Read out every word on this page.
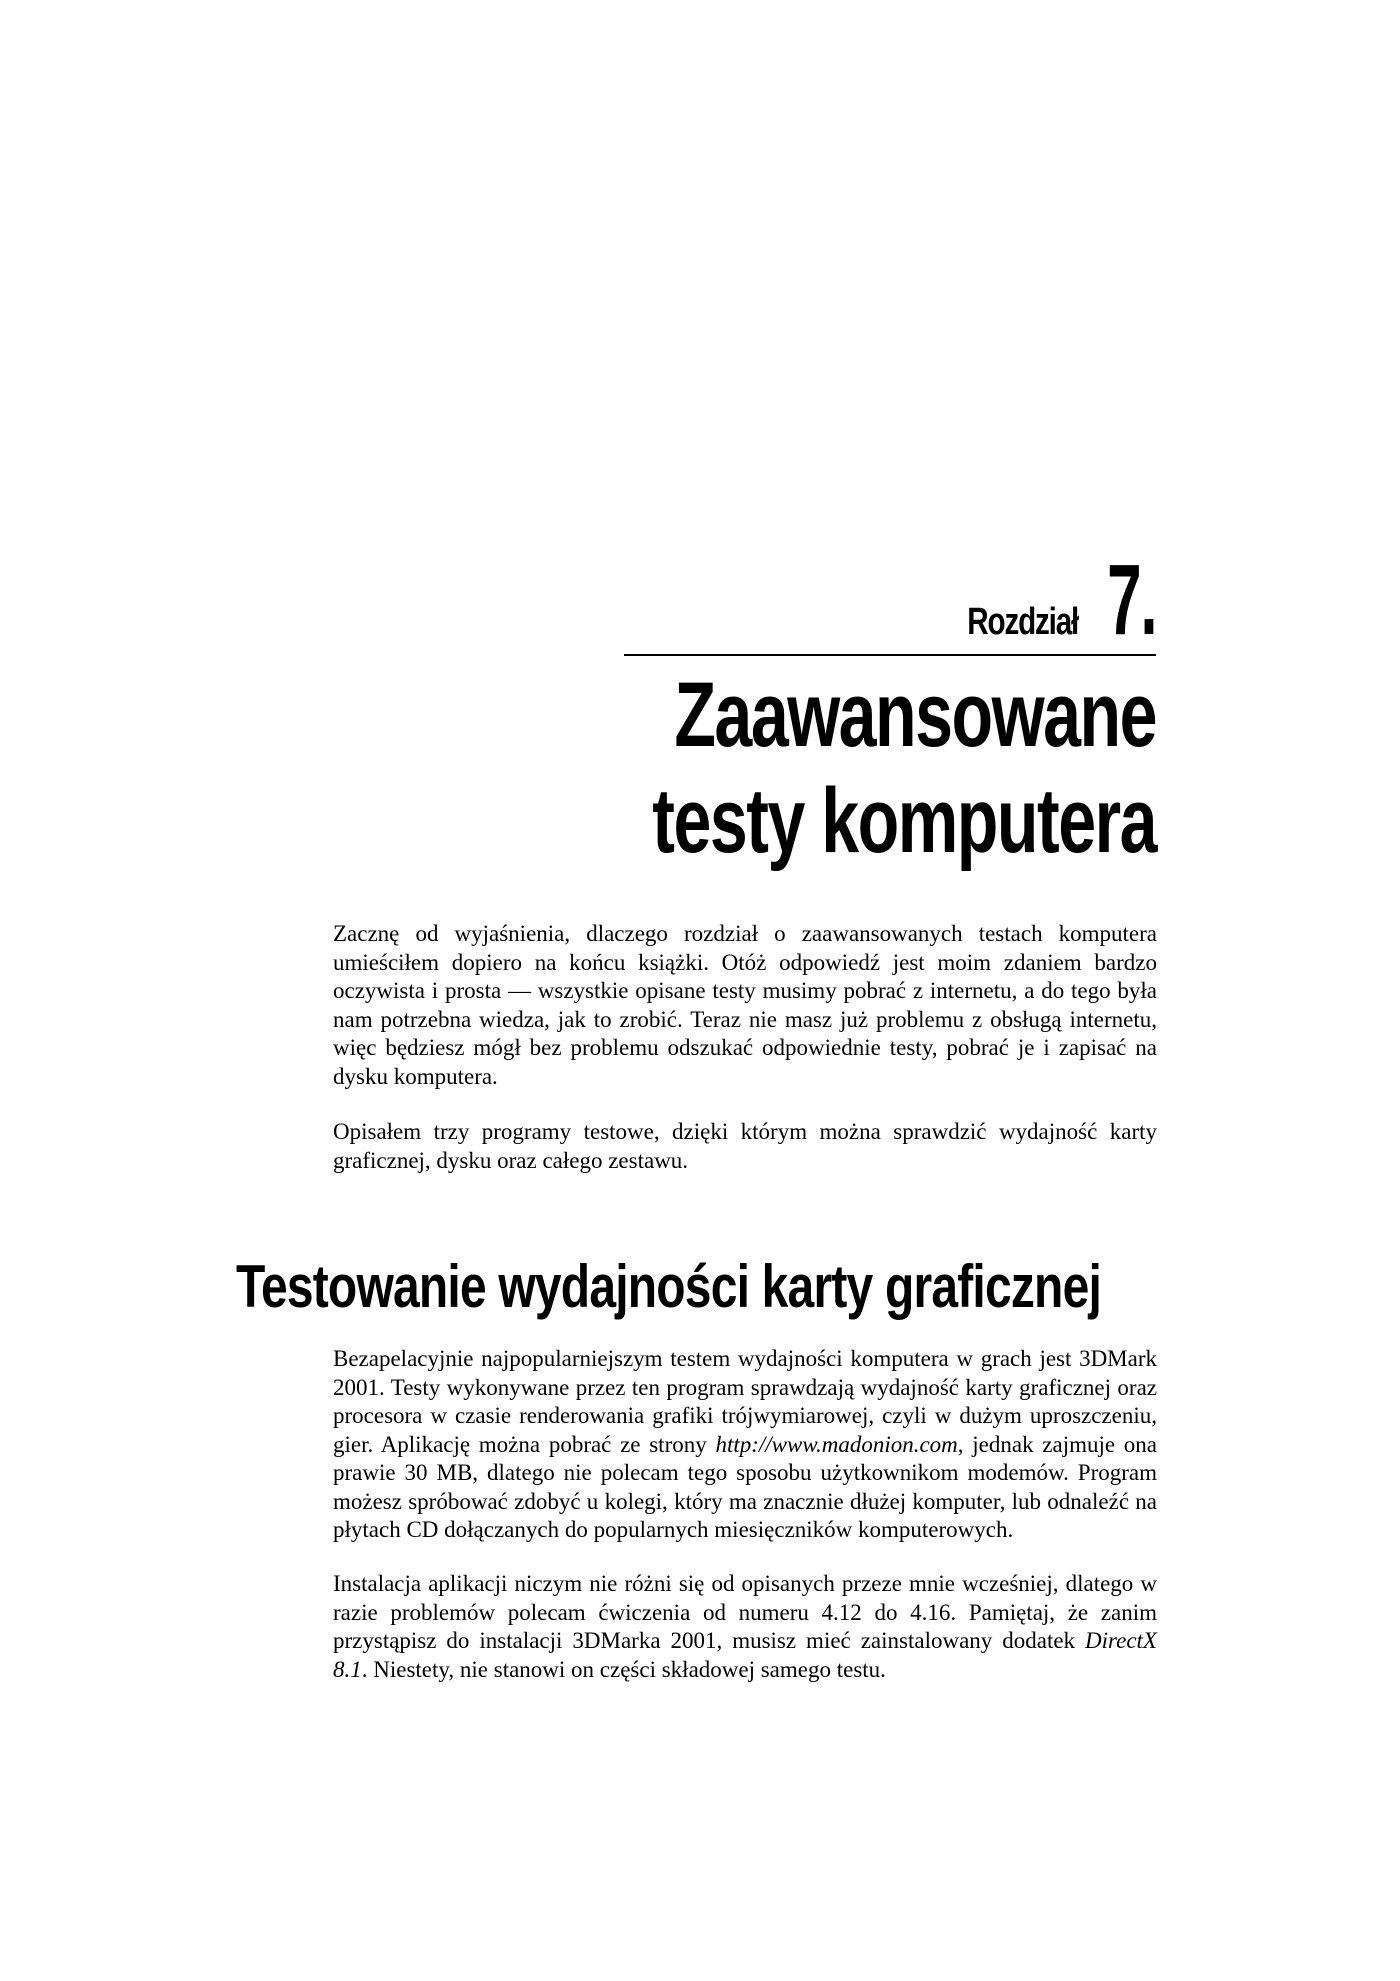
Rozdział 7.
Zaawansowane
testy komputera

Zacznę od wyjaśnienia, dlaczego rozdział o zaawansowanych testach komputera umieściłem dopiero na końcu książki. Otóż odpowiedź jest moim zdaniem bardzo oczywista i prosta — wszystkie opisane testy musimy pobrać z internetu, a do tego była nam potrzebna wiedza, jak to zrobić. Teraz nie masz już problemu z obsługą internetu, więc będziesz mógł bez problemu odszukać odpowiednie testy, pobrać je i zapisać na dysku komputera.

Opisałem trzy programy testowe, dzięki którym można sprawdzić wydajność karty graficznej, dysku oraz całego zestawu.

Testowanie wydajności karty graficznej

Bezapelacyjnie najpopularniejszym testem wydajności komputera w grach jest 3DMark 2001. Testy wykonywane przez ten program sprawdzają wydajność karty graficznej oraz procesora w czasie renderowania grafiki trójwymiarowej, czyli w dużym uproszczeniu, gier. Aplikację można pobrać ze strony http://www.madonion.com, jednak zajmuje ona prawie 30 MB, dlatego nie polecam tego sposobu użytkownikom modemów. Program możesz spróbować zdobyć u kolegi, który ma znacznie dłużej komputer, lub odnaleźć na płytach CD dołączanych do popularnych miesięczników komputerowych.

Instalacja aplikacji niczym nie różni się od opisanych przeze mnie wcześniej, dlatego w razie problemów polecam ćwiczenia od numeru 4.12 do 4.16. Pamiętaj, że zanim przystąpisz do instalacji 3DMarka 2001, musisz mieć zainstalowany dodatek DirectX 8.1. Niestety, nie stanowi on części składowej samego testu.
